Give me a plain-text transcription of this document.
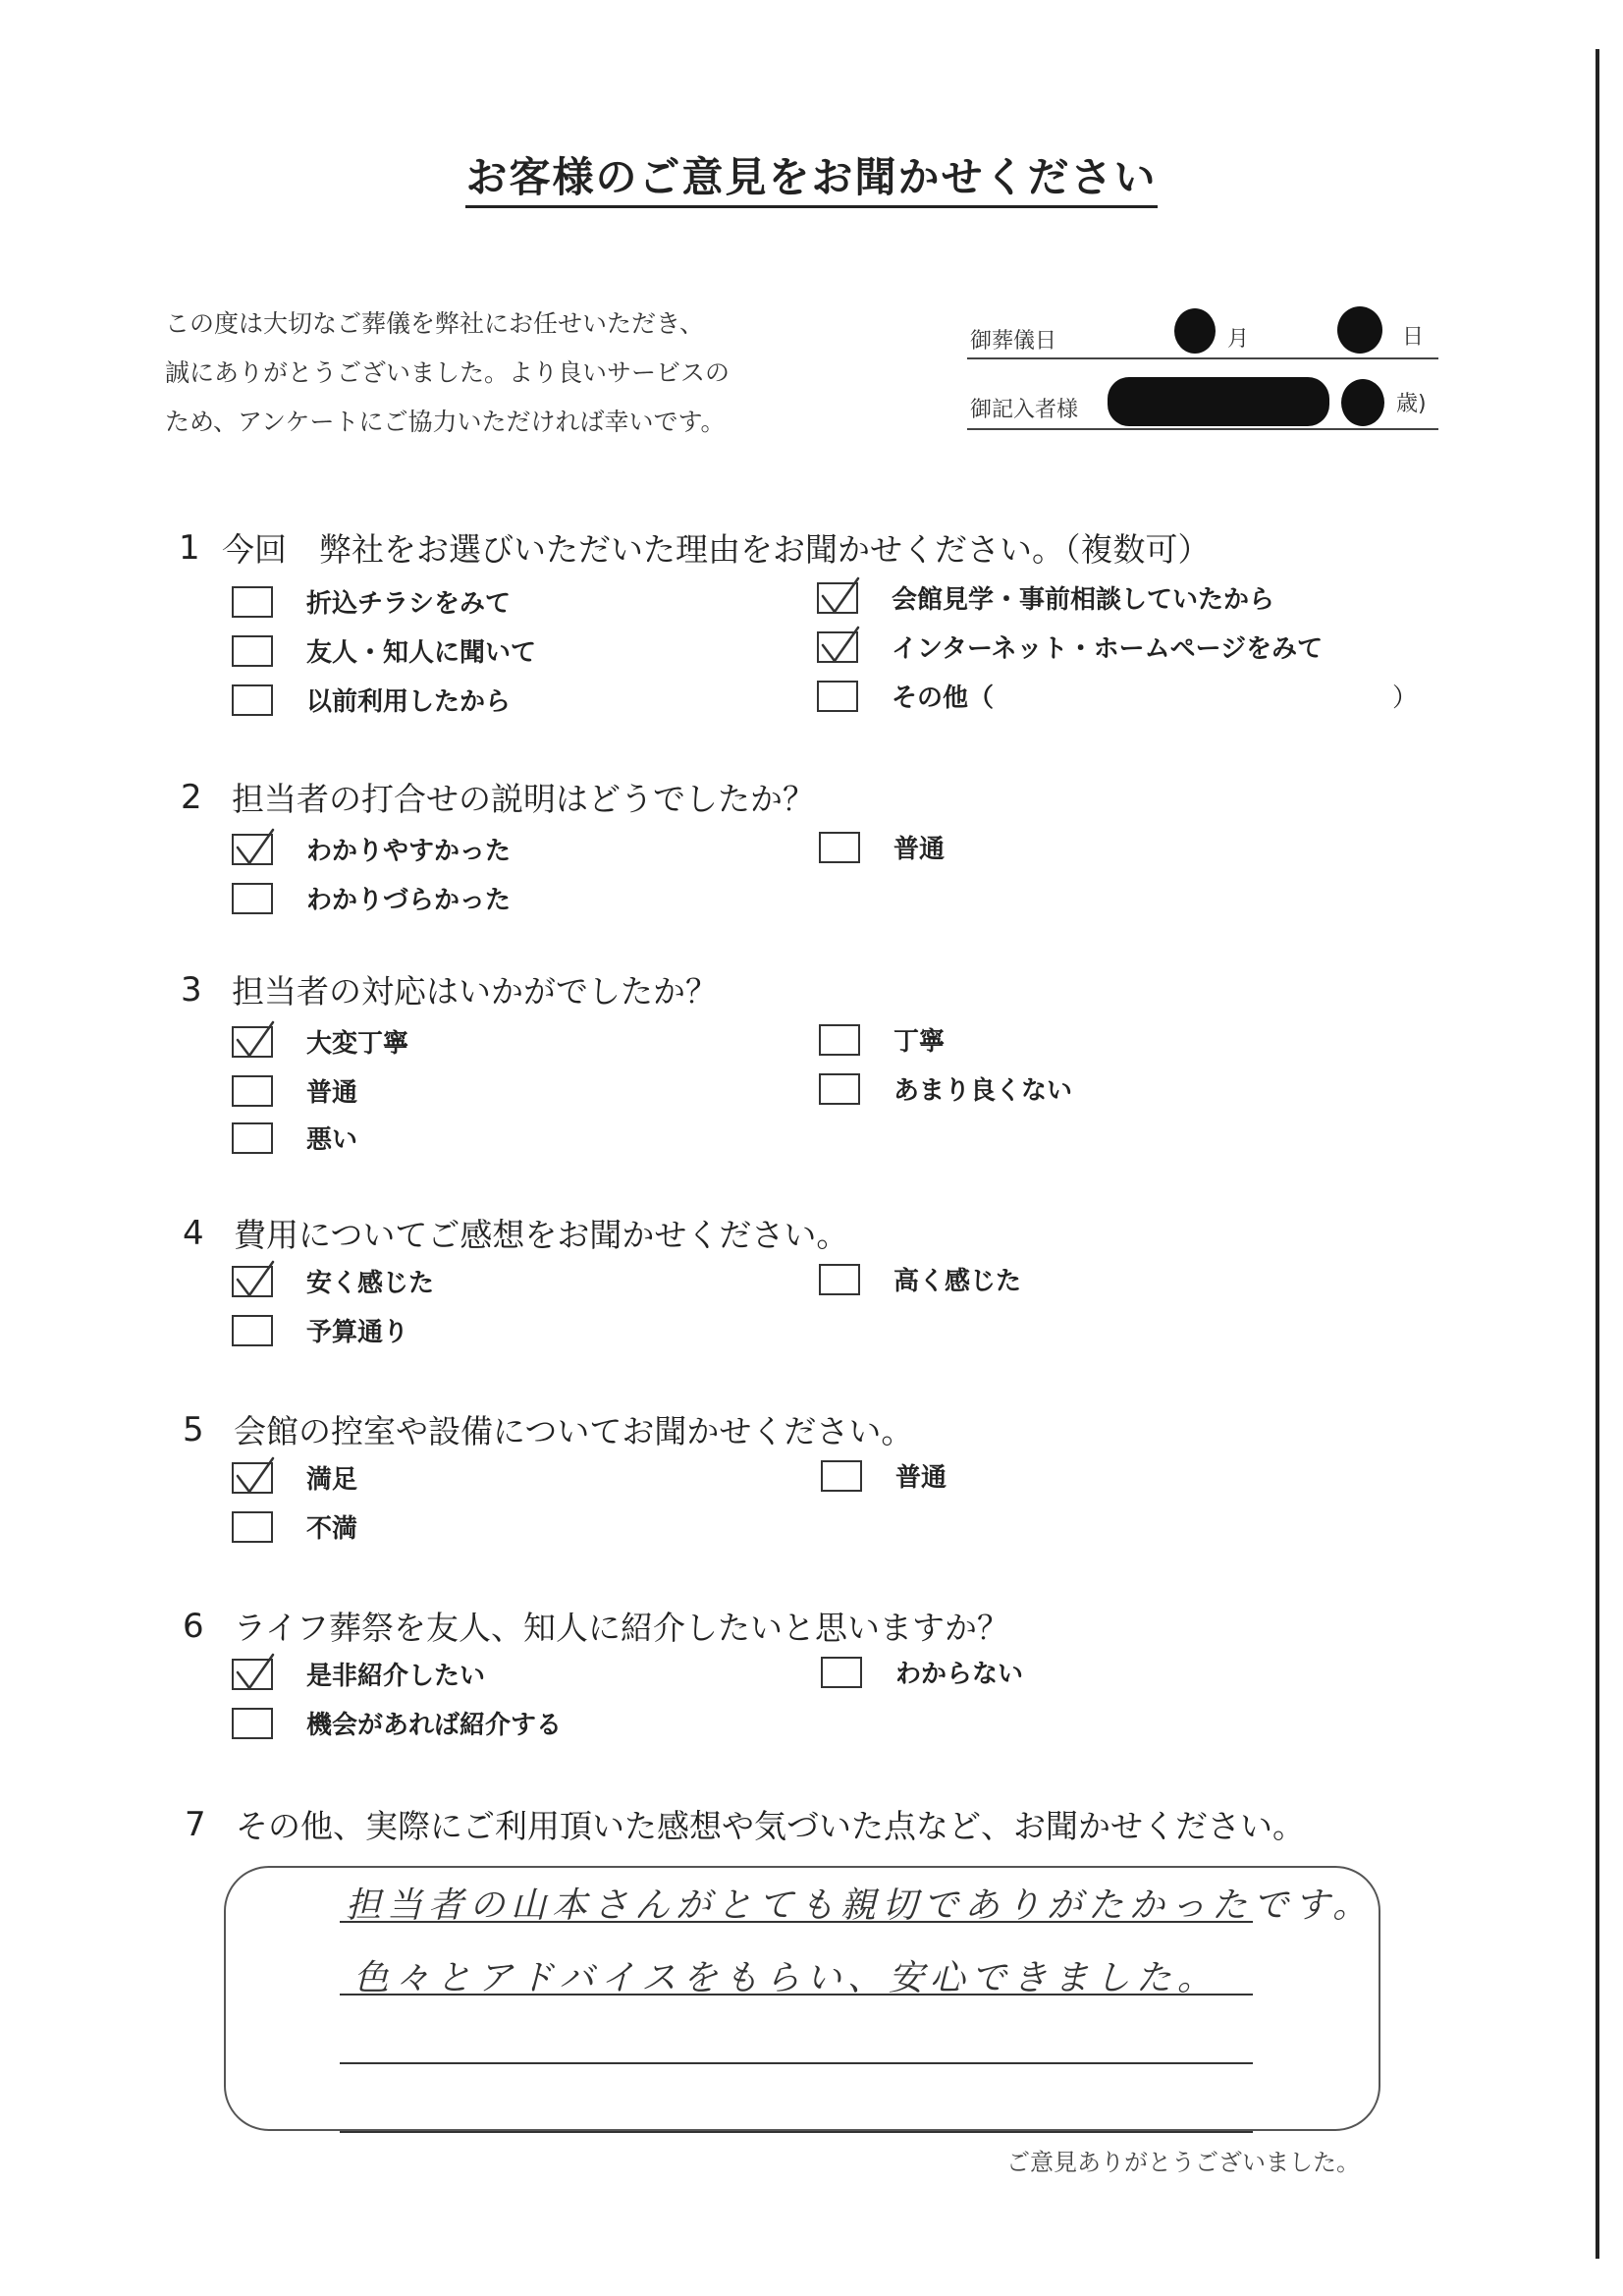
お客様のご意見をお聞かせください
この度は大切なご葬儀を弊社にお任せいただき、
誠にありがとうございました。より良いサービスの
ため、アンケートにご協力いただければ幸いです。
御葬儀日	月	日
御記入者様	歳)
1 今回　弊社をお選びいただいた理由をお聞かせください。（複数可）
折込チラシをみて	会館見学・事前相談していたから
友人・知人に聞いて	インターネット・ホームページをみて
以前利用したから	その他（	）
2 担当者の打合せの説明はどうでしたか？
わかりやすかった	普通
わかりづらかった
3 担当者の対応はいかがでしたか？
大変丁寧	丁寧
普通	あまり良くない
悪い
4 費用についてご感想をお聞かせください。
安く感じた	高く感じた
予算通り
5 会館の控室や設備についてお聞かせください。
満足	普通
不満
6 ライフ葬祭を友人、知人に紹介したいと思いますか？
是非紹介したい	わからない
機会があれば紹介する
7 その他、実際にご利用頂いた感想や気づいた点など、お聞かせください。
担当者の山本さんがとても親切でありがたかったです。
色々とアドバイスをもらい、安心できました。
ご意見ありがとうございました。
